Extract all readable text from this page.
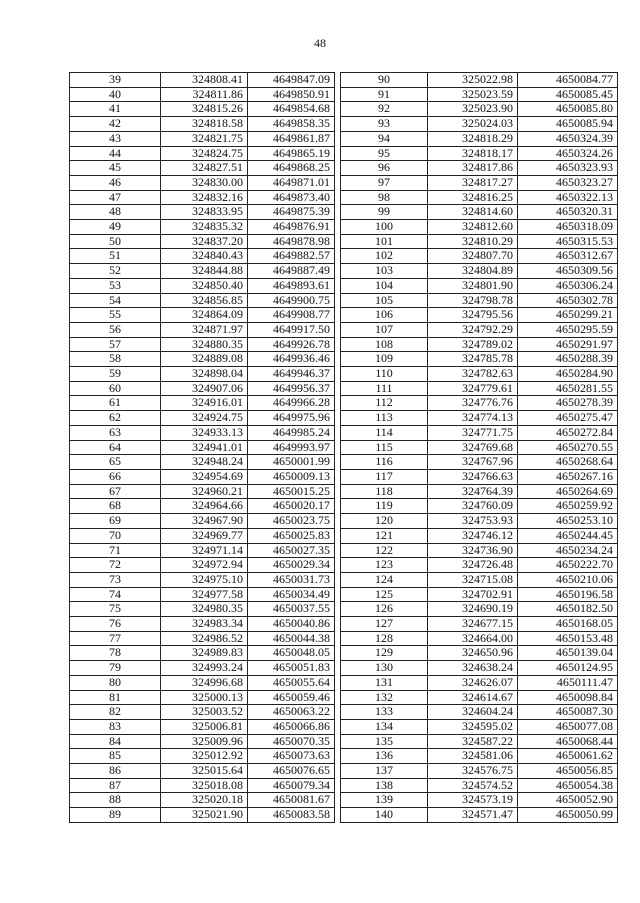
48
39	324808.41	4649847.09
40	324811.86	4649850.91
41	324815.26	4649854.68
42	324818.58	4649858.35
43	324821.75	4649861.87
44	324824.75	4649865.19
45	324827.51	4649868.25
46	324830.00	4649871.01
47	324832.16	4649873.40
48	324833.95	4649875.39
49	324835.32	4649876.91
50	324837.20	4649878.98
51	324840.43	4649882.57
52	324844.88	4649887.49
53	324850.40	4649893.61
54	324856.85	4649900.75
55	324864.09	4649908.77
56	324871.97	4649917.50
57	324880.35	4649926.78
58	324889.08	4649936.46
59	324898.04	4649946.37
60	324907.06	4649956.37
61	324916.01	4649966.28
62	324924.75	4649975.96
63	324933.13	4649985.24
64	324941.01	4649993.97
65	324948.24	4650001.99
66	324954.69	4650009.13
67	324960.21	4650015.25
68	324964.66	4650020.17
69	324967.90	4650023.75
70	324969.77	4650025.83
71	324971.14	4650027.35
72	324972.94	4650029.34
73	324975.10	4650031.73
74	324977.58	4650034.49
75	324980.35	4650037.55
76	324983.34	4650040.86
77	324986.52	4650044.38
78	324989.83	4650048.05
79	324993.24	4650051.83
80	324996.68	4650055.64
81	325000.13	4650059.46
82	325003.52	4650063.22
83	325006.81	4650066.86
84	325009.96	4650070.35
85	325012.92	4650073.63
86	325015.64	4650076.65
87	325018.08	4650079.34
88	325020.18	4650081.67
89	325021.90	4650083.58
90	325022.98	4650084.77
91	325023.59	4650085.45
92	325023.90	4650085.80
93	325024.03	4650085.94
94	324818.29	4650324.39
95	324818.17	4650324.26
96	324817.86	4650323.93
97	324817.27	4650323.27
98	324816.25	4650322.13
99	324814.60	4650320.31
100	324812.60	4650318.09
101	324810.29	4650315.53
102	324807.70	4650312.67
103	324804.89	4650309.56
104	324801.90	4650306.24
105	324798.78	4650302.78
106	324795.56	4650299.21
107	324792.29	4650295.59
108	324789.02	4650291.97
109	324785.78	4650288.39
110	324782.63	4650284.90
111	324779.61	4650281.55
112	324776.76	4650278.39
113	324774.13	4650275.47
114	324771.75	4650272.84
115	324769.68	4650270.55
116	324767.96	4650268.64
117	324766.63	4650267.16
118	324764.39	4650264.69
119	324760.09	4650259.92
120	324753.93	4650253.10
121	324746.12	4650244.45
122	324736.90	4650234.24
123	324726.48	4650222.70
124	324715.08	4650210.06
125	324702.91	4650196.58
126	324690.19	4650182.50
127	324677.15	4650168.05
128	324664.00	4650153.48
129	324650.96	4650139.04
130	324638.24	4650124.95
131	324626.07	4650111.47
132	324614.67	4650098.84
133	324604.24	4650087.30
134	324595.02	4650077.08
135	324587.22	4650068.44
136	324581.06	4650061.62
137	324576.75	4650056.85
138	324574.52	4650054.38
139	324573.19	4650052.90
140	324571.47	4650050.99
